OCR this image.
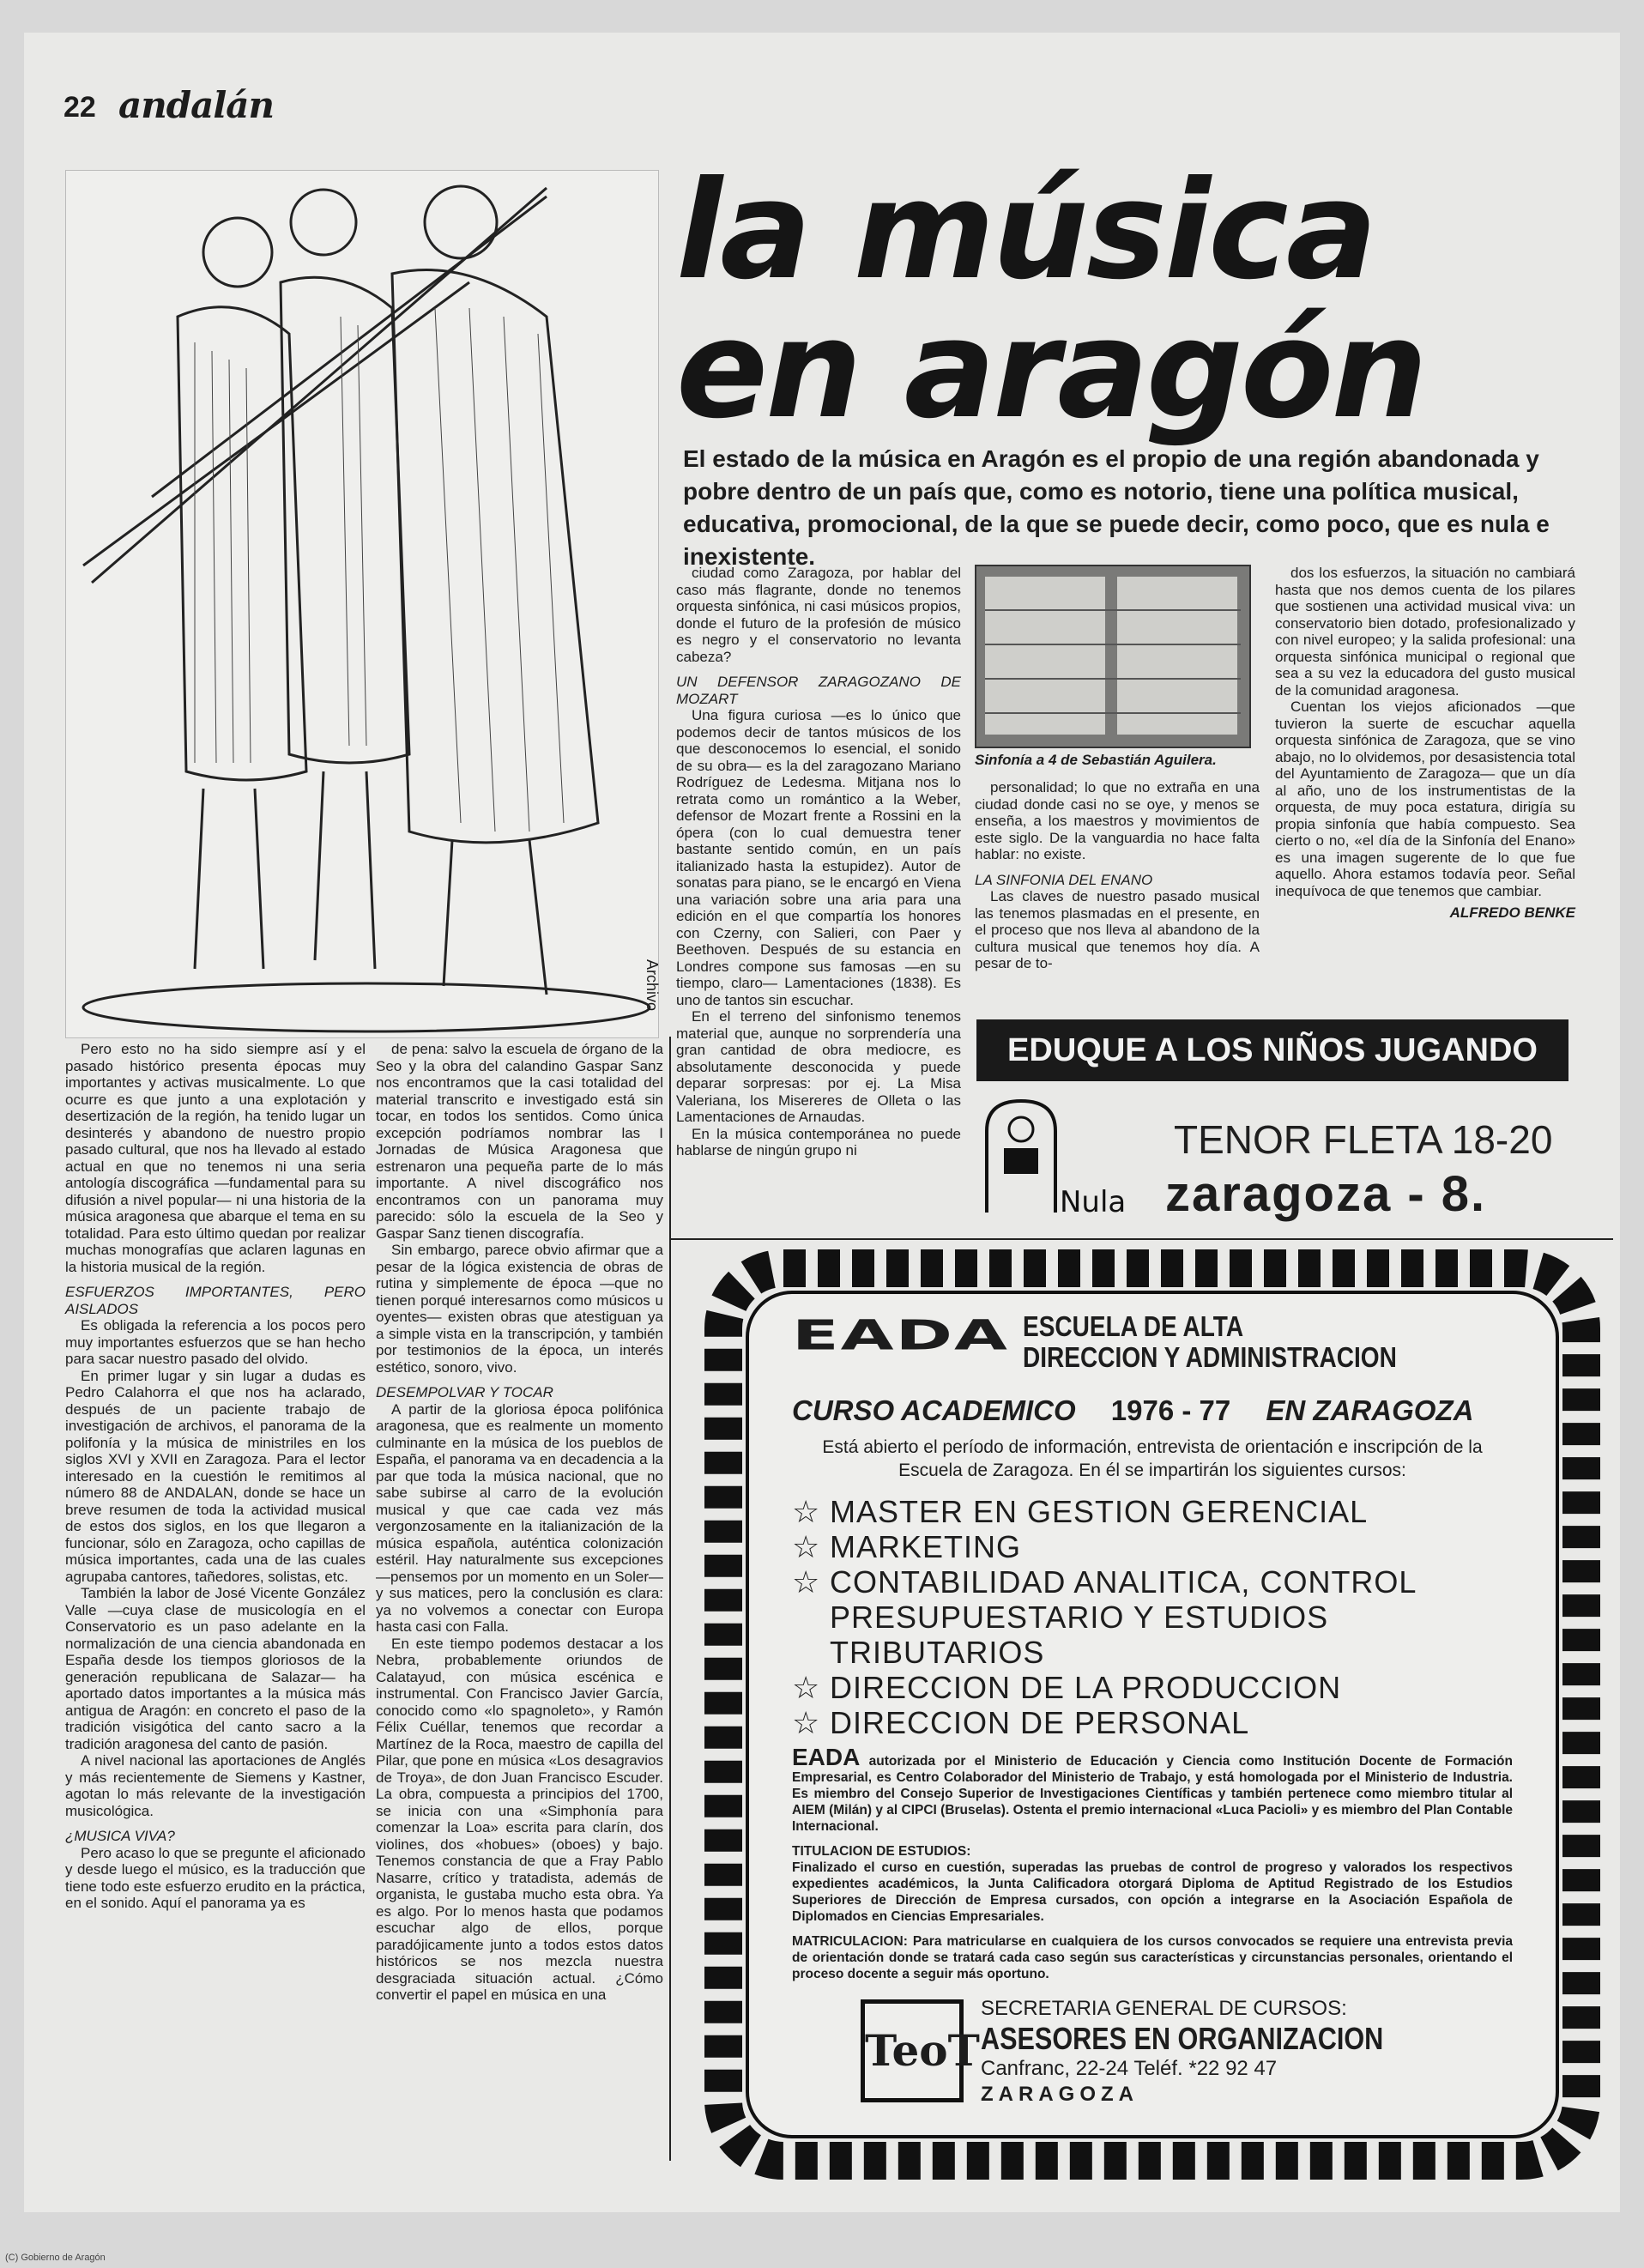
22 andalán
Archivo
la música
en aragón
El estado de la música en Aragón es el propio de una región abandonada y pobre dentro de un país que, como es notorio, tiene una política musical, educativa, promocional, de la que se puede decir, como poco, que es nula e inexistente.

Pero esto no ha sido siempre así y el pasado histórico presenta épocas muy importantes y activas musicalmente. Lo que ocurre es que junto a una explotación y desertización de la región, ha tenido lugar un desinterés y abandono de nuestro propio pasado cultural, que nos ha llevado al estado actual en que no tenemos ni una seria antología discográfica —fundamental para su difusión a nivel popular— ni una historia de la música aragonesa que abarque el tema en su totalidad. Para esto último quedan por realizar muchas monografías que aclaren lagunas en la historia musical de la región.

ESFUERZOS IMPORTANTES, PERO AISLADOS

Es obligada la referencia a los pocos pero muy importantes esfuerzos que se han hecho para sacar nuestro pasado del olvido.

En primer lugar y sin lugar a dudas es Pedro Calahorra el que nos ha aclarado, después de un paciente trabajo de investigación de archivos, el panorama de la polifonía y la música de ministriles en los siglos XVI y XVII en Zaragoza. Para el lector interesado en la cuestión le remitimos al número 88 de ANDALAN, donde se hace un breve resumen de toda la actividad musical de estos dos siglos, en los que llegaron a funcionar, sólo en Zaragoza, ocho capillas de música importantes, cada una de las cuales agrupaba cantores, tañedores, solistas, etc.

También la labor de José Vicente González Valle —cuya clase de musicología en el Conservatorio es un paso adelante en la normalización de una ciencia abandonada en España desde los tiempos gloriosos de la generación republicana de Salazar— ha aportado datos importantes a la música más antigua de Aragón: en concreto el paso de la tradición visigótica del canto sacro a la tradición aragonesa del canto de pasión.

A nivel nacional las aportaciones de Anglés y más recientemente de Siemens y Kastner, agotan lo más relevante de la investigación musicológica.

¿MUSICA VIVA?

Pero acaso lo que se pregunte el aficionado y desde luego el músico, es la traducción que tiene todo este esfuerzo erudito en la práctica, en el sonido. Aquí el panorama ya es

de pena: salvo la escuela de órgano de la Seo y la obra del calandino Gaspar Sanz nos encontramos que la casi totalidad del material transcrito e investigado está sin tocar, en todos los sentidos. Como única excepción podríamos nombrar las I Jornadas de Música Aragonesa que estrenaron una pequeña parte de lo más importante. A nivel discográfico nos encontramos con un panorama muy parecido: sólo la escuela de la Seo y Gaspar Sanz tienen discografía.

Sin embargo, parece obvio afirmar que a pesar de la lógica existencia de obras de rutina y simplemente de época —que no tienen porqué interesarnos como músicos u oyentes— existen obras que atestiguan ya a simple vista en la transcripción, y también por testimonios de la época, un interés estético, sonoro, vivo.

DESEMPOLVAR Y TOCAR

A partir de la gloriosa época polifónica aragonesa, que es realmente un momento culminante en la música de los pueblos de España, el panorama va en decadencia a la par que toda la música nacional, que no sabe subirse al carro de la evolución musical y que cae cada vez más vergonzosamente en la italianización de la música española, auténtica colonización estéril. Hay naturalmente sus excepciones —pensemos por un momento en un Soler— y sus matices, pero la conclusión es clara: ya no volvemos a conectar con Europa hasta casi con Falla.

En este tiempo podemos destacar a los Nebra, probablemente oriundos de Calatayud, con música escénica e instrumental. Con Francisco Javier García, conocido como «lo spagnoleto», y Ramón Félix Cuéllar, tenemos que recordar a Martínez de la Roca, maestro de capilla del Pilar, que pone en música «Los desagravios de Troya», de don Juan Francisco Escuder. La obra, compuesta a principios del 1700, se inicia con una «Simphonía para comenzar la Loa» escrita para clarín, dos violines, dos «hobues» (oboes) y bajo. Tenemos constancia de que a Fray Pablo Nasarre, crítico y tratadista, además de organista, le gustaba mucho esta obra. Ya es algo. Por lo menos hasta que podamos escuchar algo de ellos, porque paradójicamente junto a todos estos datos históricos se nos mezcla nuestra desgraciada situación actual. ¿Cómo convertir el papel en música en una

ciudad como Zaragoza, por hablar del caso más flagrante, donde no tenemos orquesta sinfónica, ni casi músicos propios, donde el futuro de la profesión de músico es negro y el conservatorio no levanta cabeza?

UN DEFENSOR ZARAGOZANO DE MOZART

Una figura curiosa —es lo único que podemos decir de tantos músicos de los que desconocemos lo esencial, el sonido de su obra— es la del zaragozano Mariano Rodríguez de Ledesma. Mitjana nos lo retrata como un romántico a la Weber, defensor de Mozart frente a Rossini en la ópera (con lo cual demuestra tener bastante sentido común, en un país italianizado hasta la estupidez). Autor de sonatas para piano, se le encargó en Viena una variación sobre una aria para una edición en el que compartía los honores con Czerny, con Salieri, con Paer y Beethoven. Después de su estancia en Londres compone sus famosas —en su tiempo, claro— Lamentaciones (1838). Es uno de tantos sin escuchar.

En el terreno del sinfonismo tenemos material que, aunque no sorprendería una gran cantidad de obra mediocre, es absolutamente desconocida y puede deparar sorpresas: por ej. La Misa Valeriana, los Misereres de Olleta o las Lamentaciones de Arnaudas.

En la música contemporánea no puede hablarse de ningún grupo ni

Sinfonía a 4 de Sebastián Aguilera.

personalidad; lo que no extraña en una ciudad donde casi no se oye, y menos se enseña, a los maestros y movimientos de este siglo. De la vanguardia no hace falta hablar: no existe.

LA SINFONIA DEL ENANO

Las claves de nuestro pasado musical las tenemos plasmadas en el presente, en el proceso que nos lleva al abandono de la cultura musical que tenemos hoy día. A pesar de to-

dos los esfuerzos, la situación no cambiará hasta que nos demos cuenta de los pilares que sostienen una actividad musical viva: un conservatorio bien dotado, profesionalizado y con nivel europeo; y la salida profesional: una orquesta sinfónica municipal o regional que sea a su vez la educadora del gusto musical de la comunidad aragonesa.

Cuentan los viejos aficionados —que tuvieron la suerte de escuchar aquella orquesta sinfónica de Zaragoza, que se vino abajo, no lo olvidemos, por desasistencia total del Ayuntamiento de Zaragoza— que un día al año, uno de los instrumentistas de la orquesta, de muy poca estatura, dirigía su propia sinfonía que había compuesto. Sea cierto o no, «el día de la Sinfonía del Enano» es una imagen sugerente de lo que fue aquello. Ahora estamos todavía peor. Señal inequívoca de que tenemos que cambiar.

ALFREDO BENKE
EDUQUE A LOS NIÑOS JUGANDO
Nula
TENOR FLETA 18-20
zaragoza - 8.
EADA ESCUELA DE ALTA
DIRECCION Y ADMINISTRACION
CURSO ACADEMICO 1976 - 77 EN ZARAGOZA
Está abierto el período de información, entrevista de orientación e inscripción de la Escuela de Zaragoza. En él se impartirán los siguientes cursos:
☆ MASTER EN GESTION GERENCIAL
☆ MARKETING
☆ CONTABILIDAD ANALITICA, CONTROL PRESUPUESTARIO Y ESTUDIOS TRIBUTARIOS
☆ DIRECCION DE LA PRODUCCION
☆ DIRECCION DE PERSONAL
EADA autorizada por el Ministerio de Educación y Ciencia como Institución Docente de Formación Empresarial, es Centro Colaborador del Ministerio de Trabajo, y está homologada por el Ministerio de Industria. Es miembro del Consejo Superior de Investigaciones Científicas y también pertenece como miembro titular al AIEM (Milán) y al CIPCI (Bruselas). Ostenta el premio internacional «Luca Pacioli» y es miembro del Plan Contable Internacional.
TITULACION DE ESTUDIOS:
Finalizado el curso en cuestión, superadas las pruebas de control de progreso y valorados los respectivos expedientes académicos, la Junta Calificadora otorgará Diploma de Aptitud Registrado de los Estudios Superiores de Dirección de Empresa cursados, con opción a integrarse en la Asociación Española de Diplomados en Ciencias Empresariales.
MATRICULACION: Para matricularse en cualquiera de los cursos convocados se requiere una entrevista previa de orientación donde se tratará cada caso según sus características y circunstancias personales, orientando el proceso docente a seguir más oportuno.
TeoT
SECRETARIA GENERAL DE CURSOS:
ASESORES EN ORGANIZACION
Canfranc, 22-24 Teléf. *22 92 47
ZARAGOZA
(C) Gobierno de Aragón
